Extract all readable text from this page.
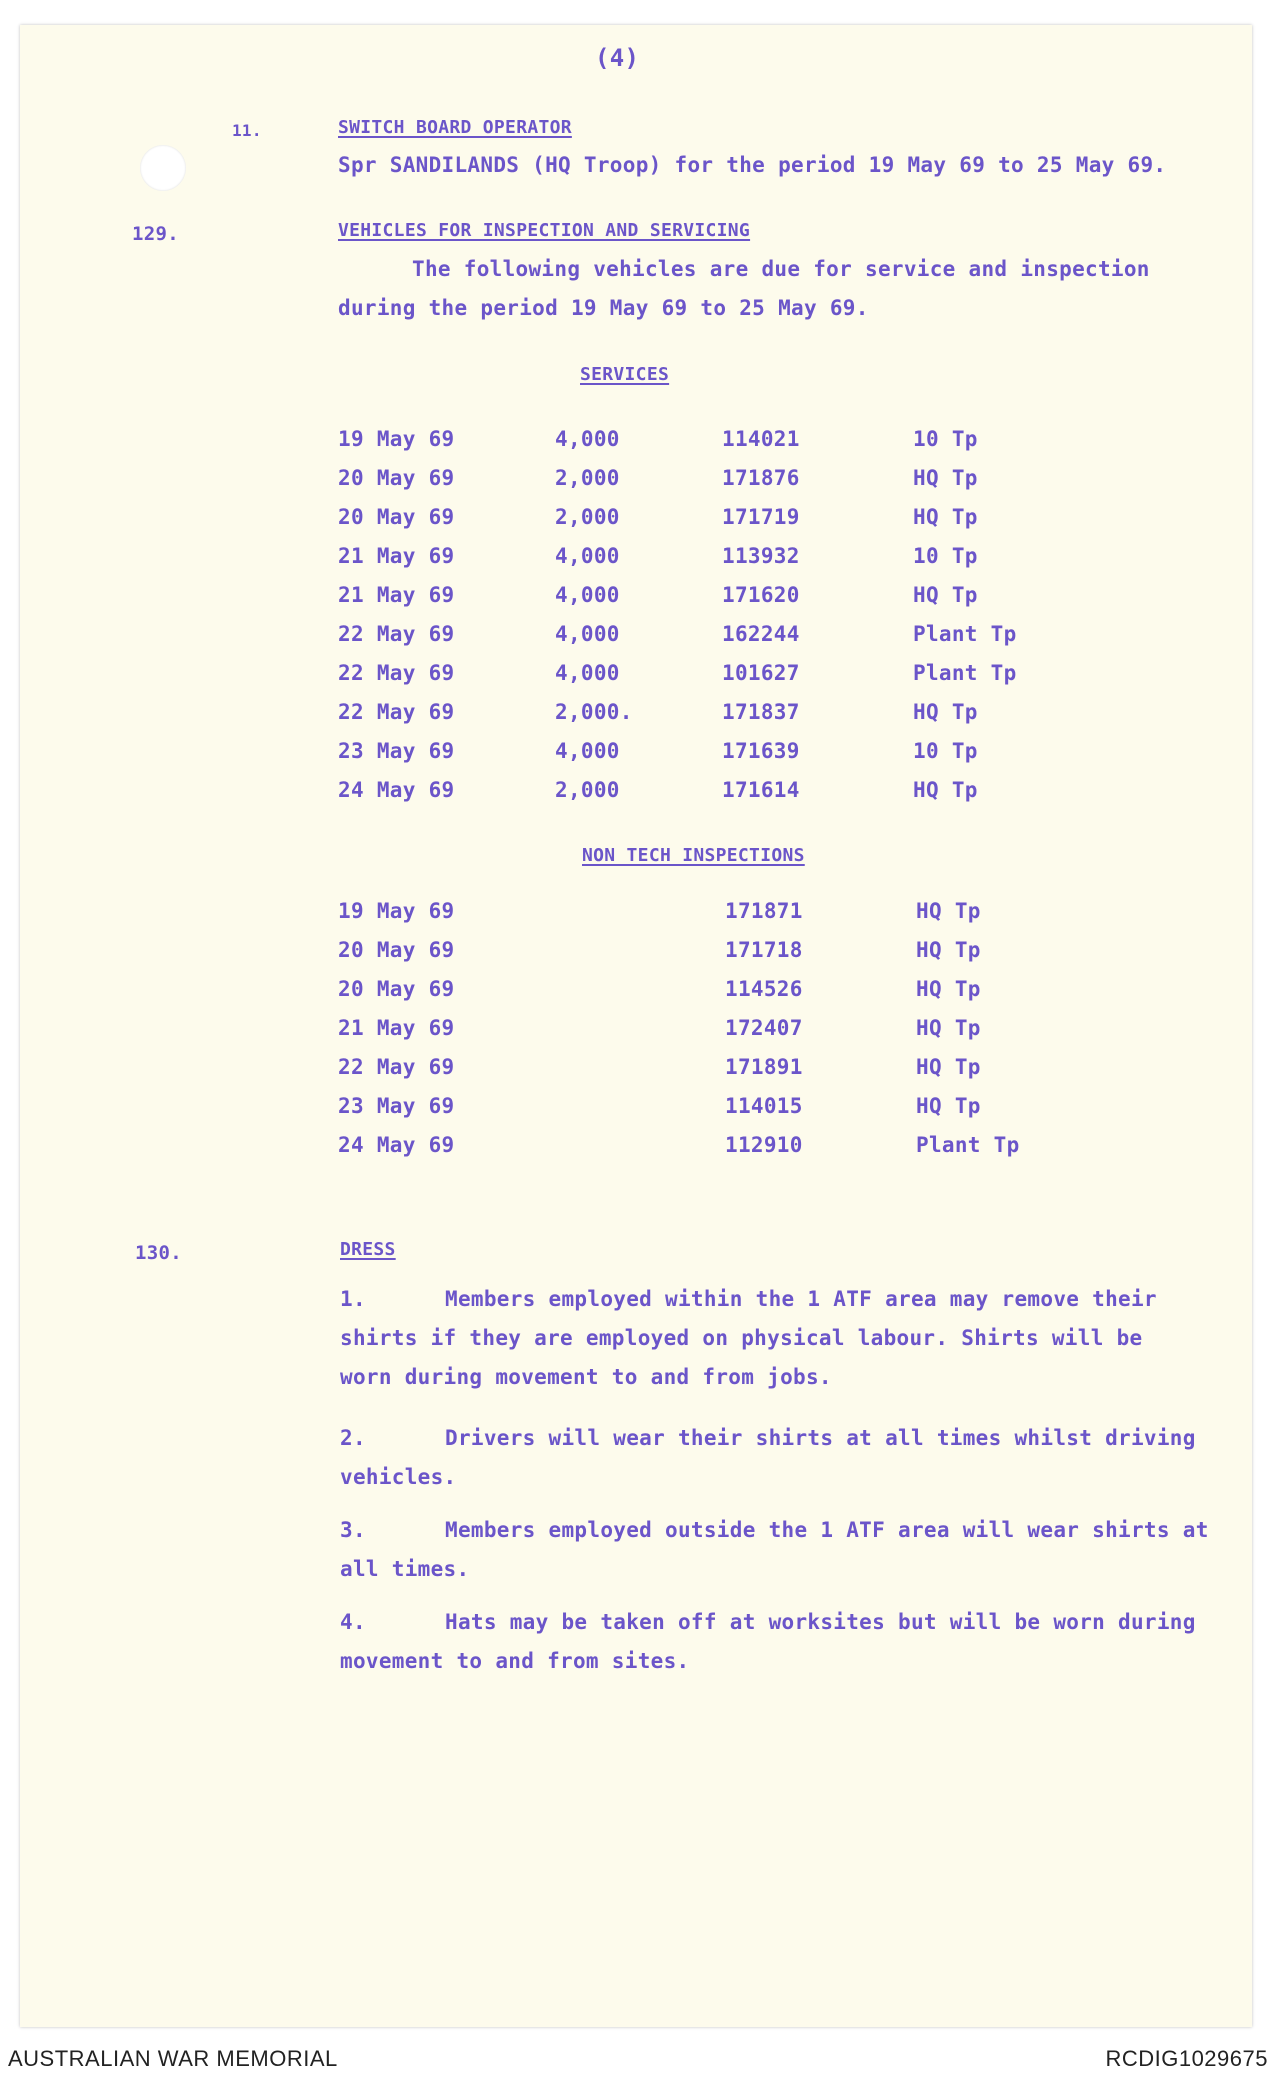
(4)
11.	SWITCH BOARD OPERATOR
Spr SANDILANDS (HQ Troop) for the period 19 May 69 to 25 May 69.
129.	VEHICLES FOR INSPECTION AND SERVICING
The following vehicles are due for service and inspection
during the period 19 May 69 to 25 May 69.
SERVICES
19 May 69	4,000	114021	10 Tp
20 May 69	2,000	171876	HQ Tp
20 May 69	2,000	171719	HQ Tp
21 May 69	4,000	113932	10 Tp
21 May 69	4,000	171620	HQ Tp
22 May 69	4,000	162244	Plant Tp
22 May 69	4,000	101627	Plant Tp
22 May 69	2,000.	171837	HQ Tp
23 May 69	4,000	171639	10 Tp
24 May 69	2,000	171614	HQ Tp
NON TECH INSPECTIONS
19 May 69	171871	HQ Tp
20 May 69	171718	HQ Tp
20 May 69	114526	HQ Tp
21 May 69	172407	HQ Tp
22 May 69	171891	HQ Tp
23 May 69	114015	HQ Tp
24 May 69	112910	Plant Tp
130.	DRESS
1.	Members employed within the 1 ATF area may remove their
shirts if they are employed on physical labour. Shirts will be
worn during movement to and from jobs.
2.	Drivers will wear their shirts at all times whilst driving
vehicles.
3.	Members employed outside the 1 ATF area will wear shirts at
all times.
4.	Hats may be taken off at worksites but will be worn during
movement to and from sites.
AUSTRALIAN WAR MEMORIAL	RCDIG1029675
